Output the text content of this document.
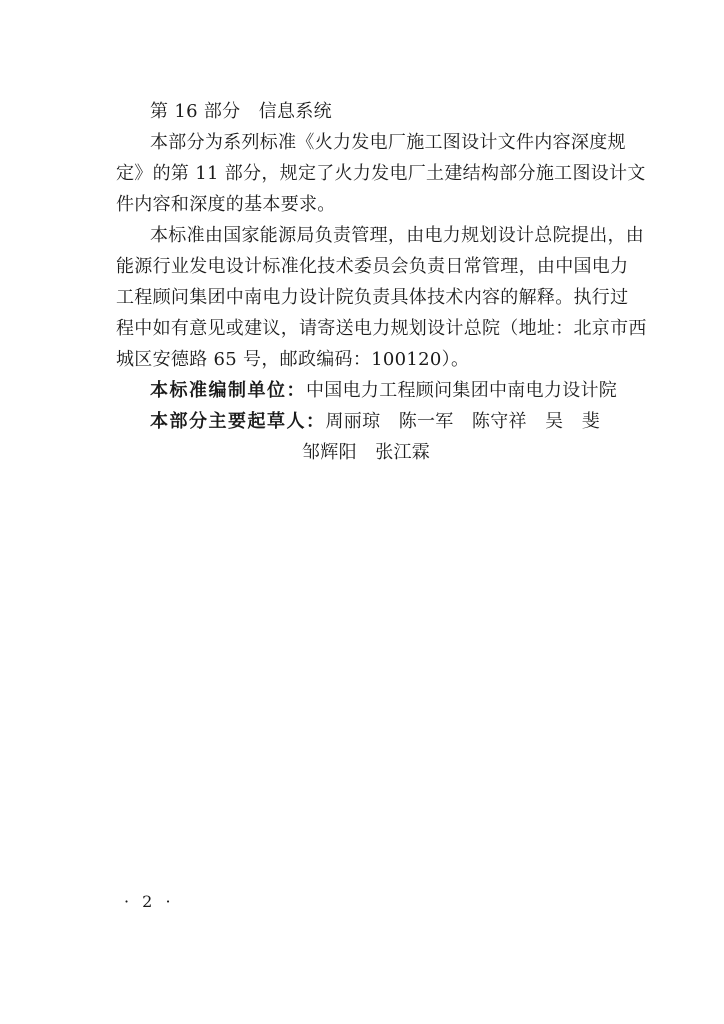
第 16 部分　信息系统
本部分为系列标准《火力发电厂施工图设计文件内容深度规
定》的第 11 部分，规定了火力发电厂土建结构部分施工图设计文
件内容和深度的基本要求。
本标准由国家能源局负责管理，由电力规划设计总院提出，由
能源行业发电设计标准化技术委员会负责日常管理，由中国电力
工程顾问集团中南电力设计院负责具体技术内容的解释。执行过
程中如有意见或建议，请寄送电力规划设计总院（地址：北京市西
城区安德路 65 号，邮政编码：100120）。
本标准编制单位：中国电力工程顾问集团中南电力设计院
本部分主要起草人：周丽琼　陈一军　陈守祥　吴　斐
邹辉阳　张江霖
· 2 ·
